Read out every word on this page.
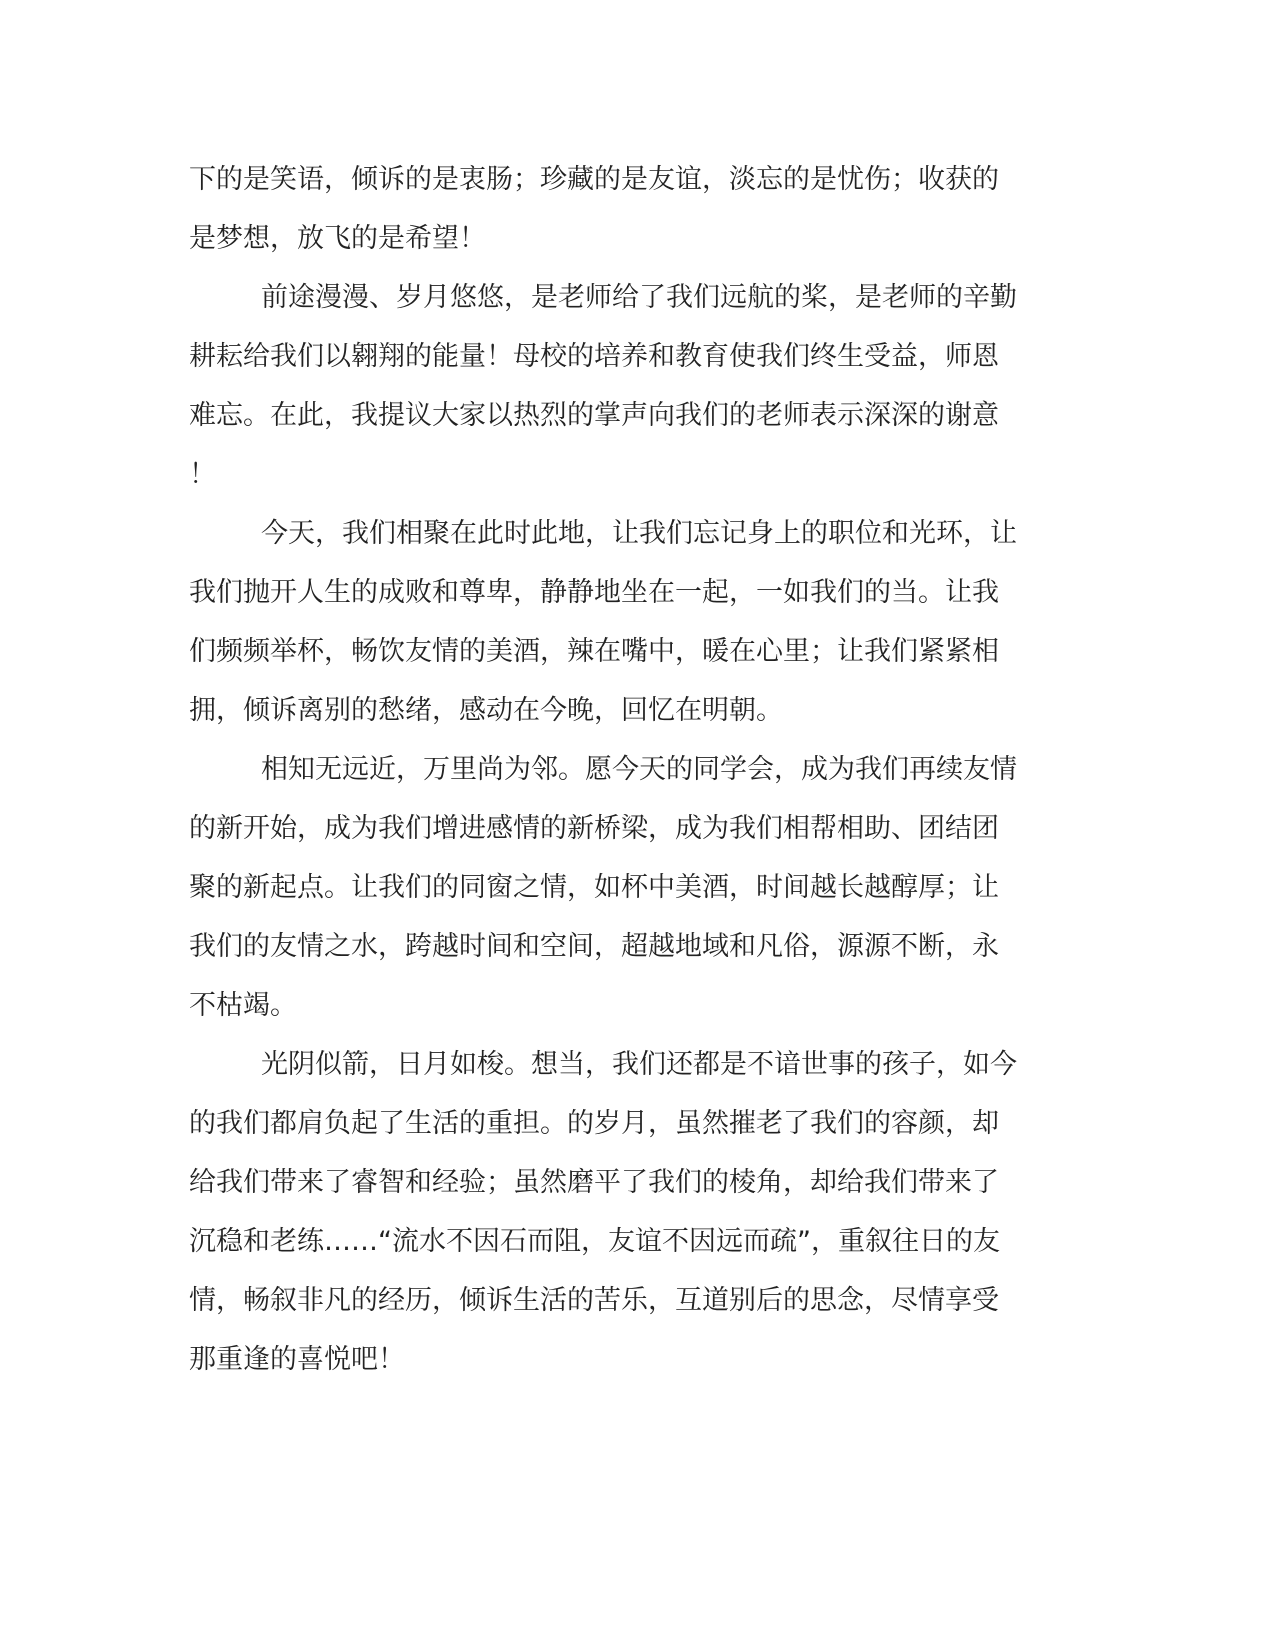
下的是笑语，倾诉的是衷肠；珍藏的是友谊，淡忘的是忧伤；收获的

是梦想，放飞的是希望！

前途漫漫、岁月悠悠，是老师给了我们远航的桨，是老师的辛勤

耕耘给我们以翱翔的能量！母校的培养和教育使我们终生受益，师恩

难忘。在此，我提议大家以热烈的掌声向我们的老师表示深深的谢意

！

今天，我们相聚在此时此地，让我们忘记身上的职位和光环，让

我们抛开人生的成败和尊卑，静静地坐在一起，一如我们的当。让我

们频频举杯，畅饮友情的美酒，辣在嘴中，暖在心里；让我们紧紧相

拥，倾诉离别的愁绪，感动在今晚，回忆在明朝。

相知无远近，万里尚为邻。愿今天的同学会，成为我们再续友情

的新开始，成为我们增进感情的新桥梁，成为我们相帮相助、团结团

聚的新起点。让我们的同窗之情，如杯中美酒，时间越长越醇厚；让

我们的友情之水，跨越时间和空间，超越地域和凡俗，源源不断，永

不枯竭。

光阴似箭，日月如梭。想当，我们还都是不谙世事的孩子，如今

的我们都肩负起了生活的重担。的岁月，虽然摧老了我们的容颜，却

给我们带来了睿智和经验；虽然磨平了我们的棱角，却给我们带来了

沉稳和老练……“流水不因石而阻，友谊不因远而疏”，重叙往日的友

情，畅叙非凡的经历，倾诉生活的苦乐，互道别后的思念，尽情享受

那重逢的喜悦吧！
